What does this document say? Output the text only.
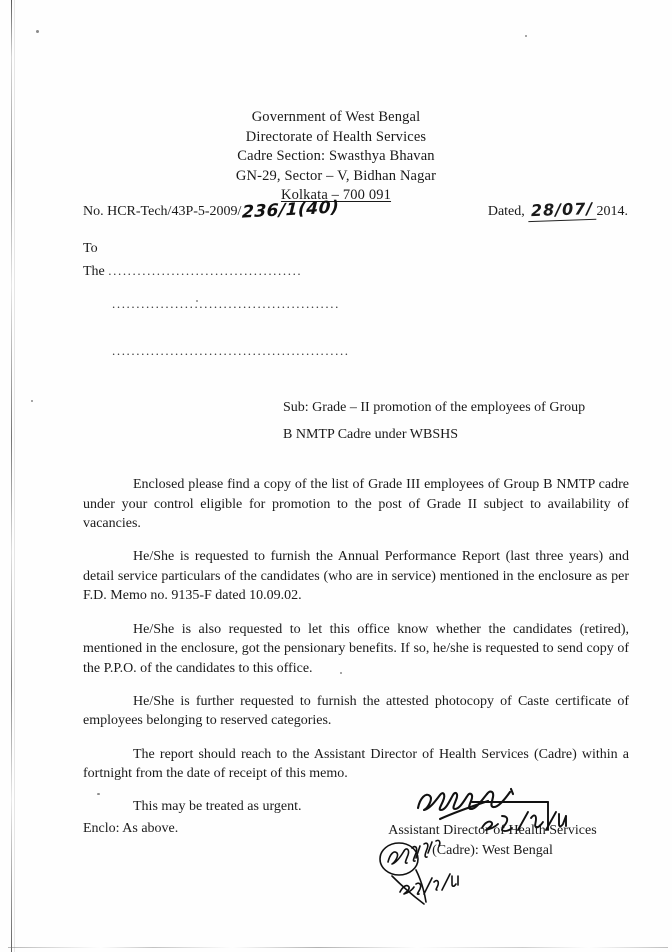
Government of West Bengal
Directorate of Health Services
Cadre Section: Swasthya Bhavan
GN-29, Sector – V, Bidhan Nagar
Kolkata – 700 091
No. HCR-Tech/43P-5-2009/ 236/1(40)	Dated, 28/07/ 2014.
To
The ........................................
...............................................
.................................................
Sub: Grade – II promotion of the employees of Group
B NMTP Cadre under WBSHS

Enclosed please find a copy of the list of Grade III employees of Group B NMTP cadre under your control eligible for promotion to the post of Grade II subject to availability of vacancies.

He/She is requested to furnish the Annual Performance Report (last three years) and detail service particulars of the candidates (who are in service) mentioned in the enclosure as per F.D. Memo no. 9135-F dated 10.09.02.

He/She is also requested to let this office know whether the candidates (retired), mentioned in the enclosure, got the pensionary benefits. If so, he/she is requested to send copy of the P.P.O. of the candidates to this office.

He/She is further requested to furnish the attested photocopy of Caste certificate of employees belonging to reserved categories.

The report should reach to the Assistant Director of Health Services (Cadre) within a fortnight from the date of receipt of this memo.

This may be treated as urgent.

Enclo: As above.	Assistant Director of Health Services
(Cadre): West Bengal
